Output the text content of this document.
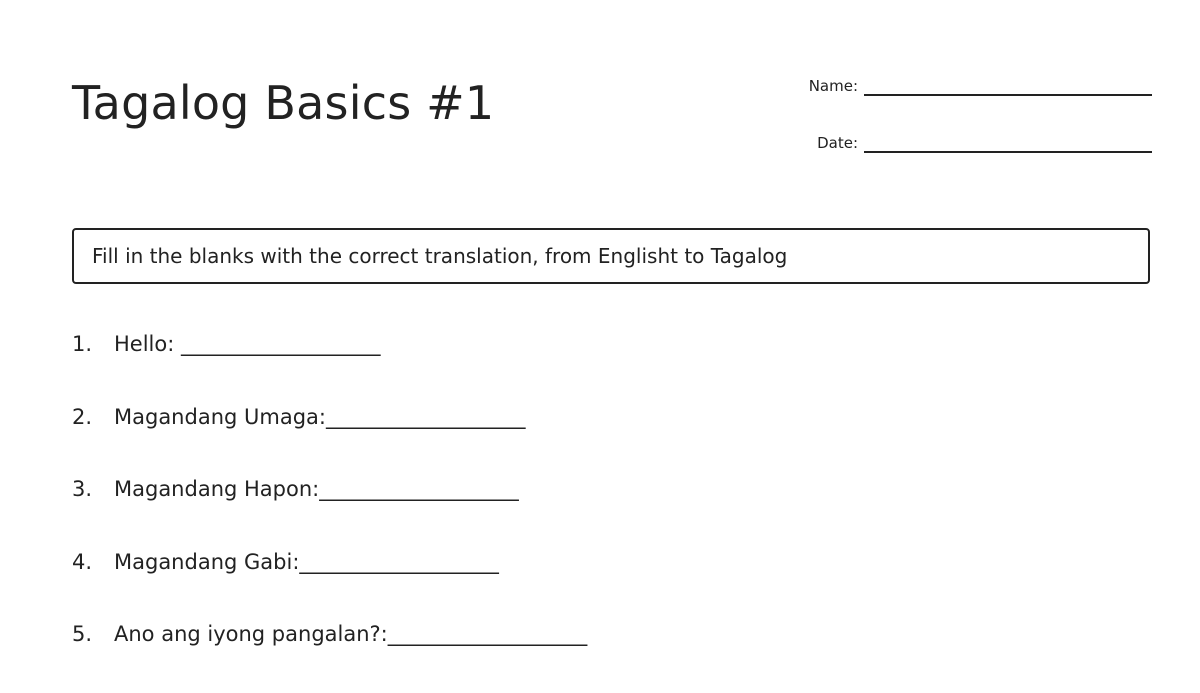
Tagalog Basics #1	Name:
Date:
Fill in the blanks with the correct translation, from Englisht to Tagalog
1.	Hello: ___________________
2.	Magandang Umaga:___________________
3.	Magandang Hapon:___________________
4.	Magandang Gabi:___________________
5.	Ano ang iyong pangalan?:___________________
